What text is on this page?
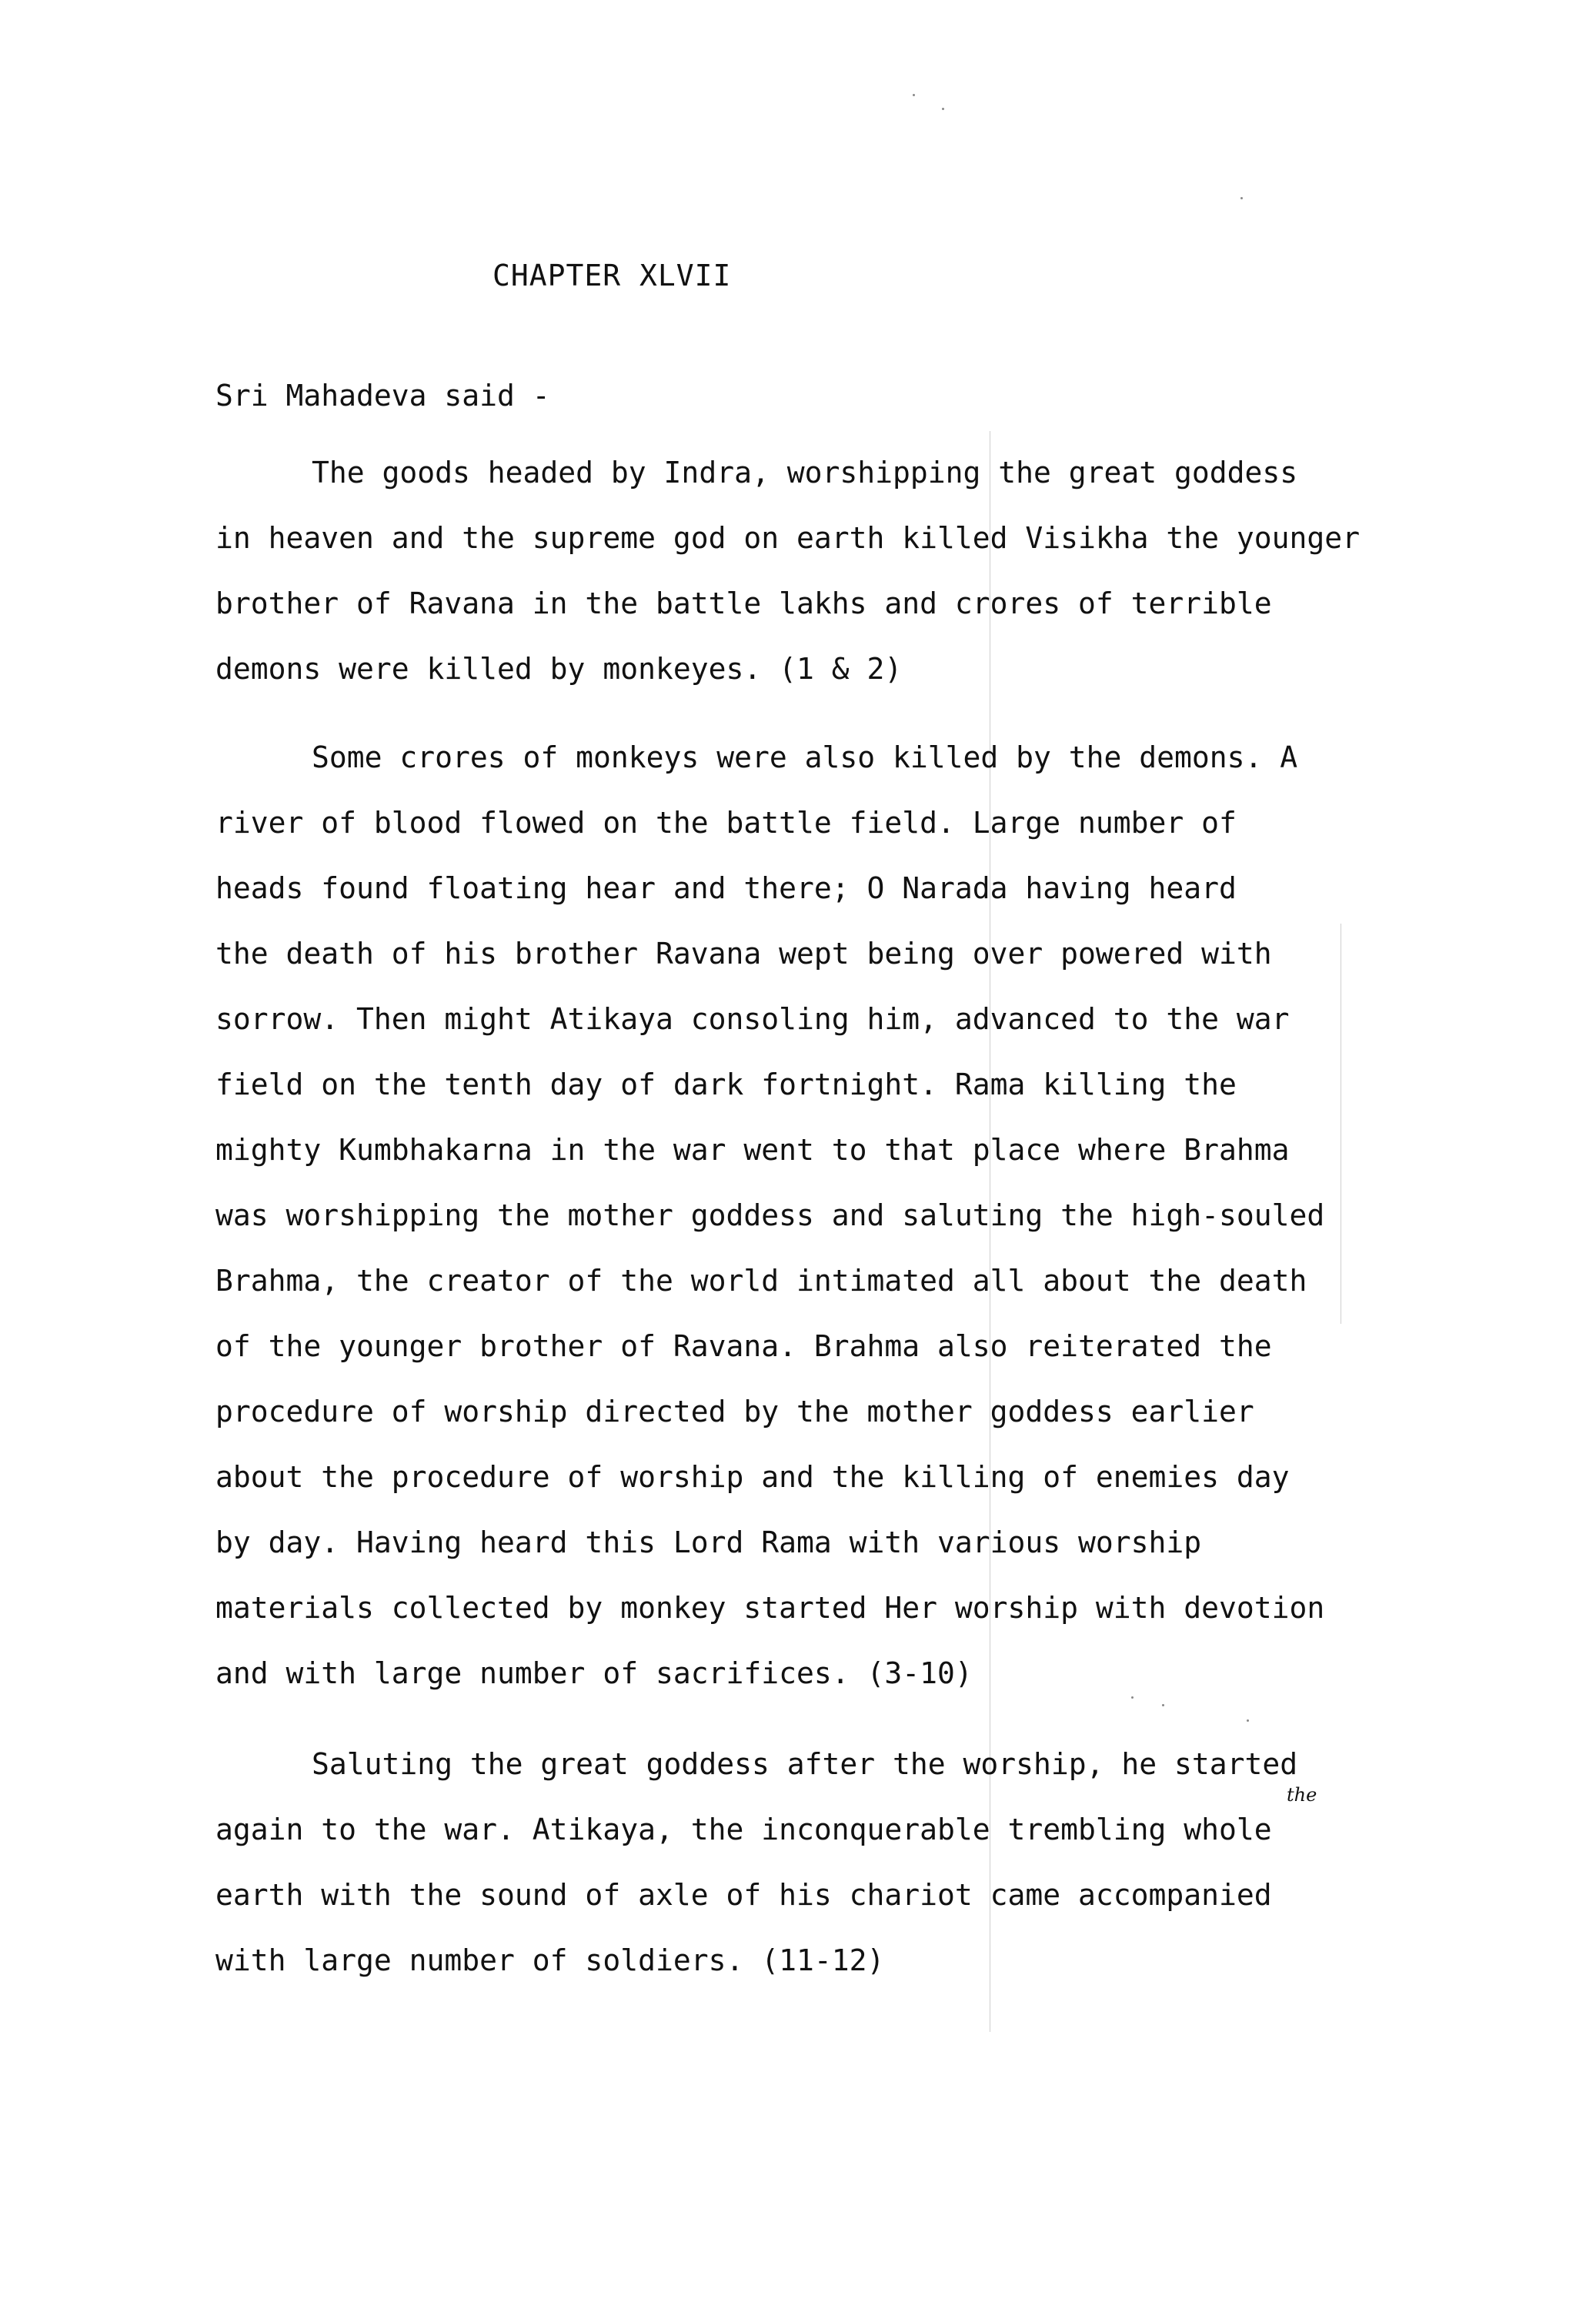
CHAPTER XLVII
Sri Mahadeva said -
The goods headed by Indra, worshipping the great goddess
in heaven and the supreme god on earth killed Visikha the younger
brother of Ravana in the battle lakhs and crores of terrible
demons were killed by monkeyes. (1 & 2)
Some crores of monkeys were also killed by the demons. A
river of blood flowed on the battle field. Large number of
heads found floating hear and there; O Narada having heard
the death of his brother Ravana wept being over powered with
sorrow. Then might Atikaya consoling him, advanced to the war
field on the tenth day of dark fortnight. Rama killing the
mighty Kumbhakarna in the war went to that place where Brahma
was worshipping the mother goddess and saluting the high-souled
Brahma, the creator of the world intimated all about the death
of the younger brother of Ravana. Brahma also reiterated the
procedure of worship directed by the mother goddess earlier
about the procedure of worship and the killing of enemies day
by day. Having heard this Lord Rama with various worship
materials collected by monkey started Her worship with devotion
and with large number of sacrifices. (3-10)
Saluting the great goddess after the worship, he started
again to the war. Atikaya, the inconquerable trembling whole
earth with the sound of axle of his chariot came accompanied
with large number of soldiers. (11-12)
the
